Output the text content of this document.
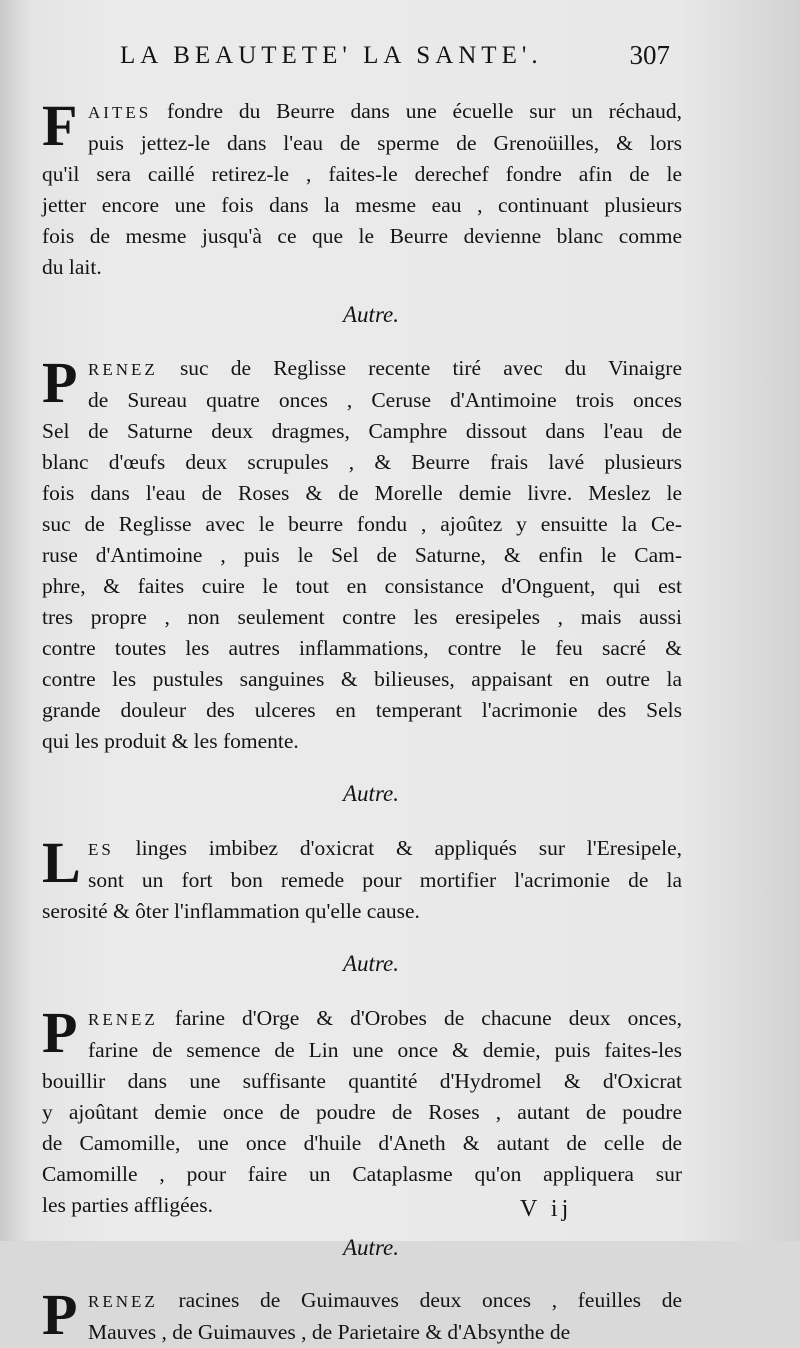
LA BEAUTETE' LA SANTE'.	307
F AITES fondre du Beurre dans une écuelle sur un réchaud,
puis jettez-le dans l'eau de sperme de Grenoüilles, & lors
qu'il sera caillé retirez-le , faites-le derechef fondre afin de le
jetter encore une fois dans la mesme eau , continuant plusieurs
fois de mesme jusqu'à ce que le Beurre devienne blanc comme
du lait.
Autre.
P RENEZ suc de Reglisse recente tiré avec du Vinaigre
de Sureau quatre onces , Ceruse d'Antimoine trois onces
Sel de Saturne deux dragmes, Camphre dissout dans l'eau de
blanc d'œufs deux scrupules , & Beurre frais lavé plusieurs
fois dans l'eau de Roses & de Morelle demie livre. Meslez le
suc de Reglisse avec le beurre fondu , ajoûtez y ensuitte la Ce-
ruse d'Antimoine , puis le Sel de Saturne, & enfin le Cam-
phre, & faites cuire le tout en consistance d'Onguent, qui est
tres propre , non seulement contre les eresipeles , mais aussi
contre toutes les autres inflammations, contre le feu sacré &
contre les pustules sanguines & bilieuses, appaisant en outre la
grande douleur des ulceres en temperant l'acrimonie des Sels
qui les produit & les fomente.
Autre.
L ES linges imbibez d'oxicrat & appliqués sur l'Eresipele,
sont un fort bon remede pour mortifier l'acrimonie de la
serosité & ôter l'inflammation qu'elle cause.
Autre.
P RENEZ farine d'Orge & d'Orobes de chacune deux onces,
farine de semence de Lin une once & demie, puis faites-les
bouillir dans une suffisante quantité d'Hydromel & d'Oxicrat
y ajoûtant demie once de poudre de Roses , autant de poudre
de Camomille, une once d'huile d'Aneth & autant de celle de
Camomille , pour faire un Cataplasme qu'on appliquera sur
les parties affligées.
Autre.
P RENEZ racines de Guimauves deux onces , feuilles de
Mauves , de Guimauves , de Parietaire & d'Absynthe de
V ij
